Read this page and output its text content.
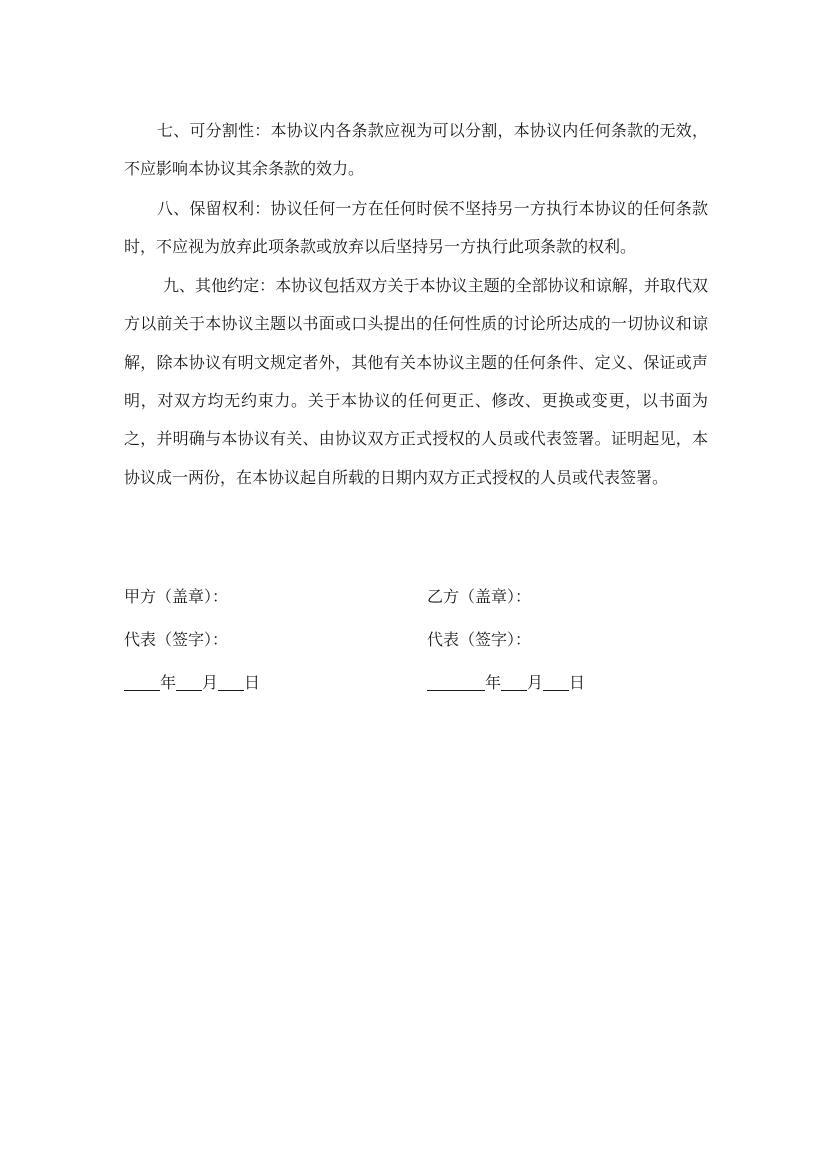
七、可分割性：本协议内各条款应视为可以分割，本协议内任何条款的无效，不应影响本协议其余条款的效力。

八、保留权利：协议任何一方在任何时侯不坚持另一方执行本协议的任何条款时，不应视为放弃此项条款或放弃以后坚持另一方执行此项条款的权利。

九、其他约定：本协议包括双方关于本协议主题的全部协议和谅解，并取代双方以前关于本协议主题以书面或口头提出的任何性质的讨论所达成的一切协议和谅解，除本协议有明文规定者外，其他有关本协议主题的任何条件、定义、保证或声明，对双方均无约束力。关于本协议的任何更正、修改、更换或变更，以书面为之，并明确与本协议有关、由协议双方正式授权的人员或代表签署。证明起见，本协议成一两份，在本协议起自所载的日期内双方正式授权的人员或代表签署。

甲方（盖章）：
代表（签字）：
年 月 日
乙方（盖章）：
代表（签字）：
年 月 日
